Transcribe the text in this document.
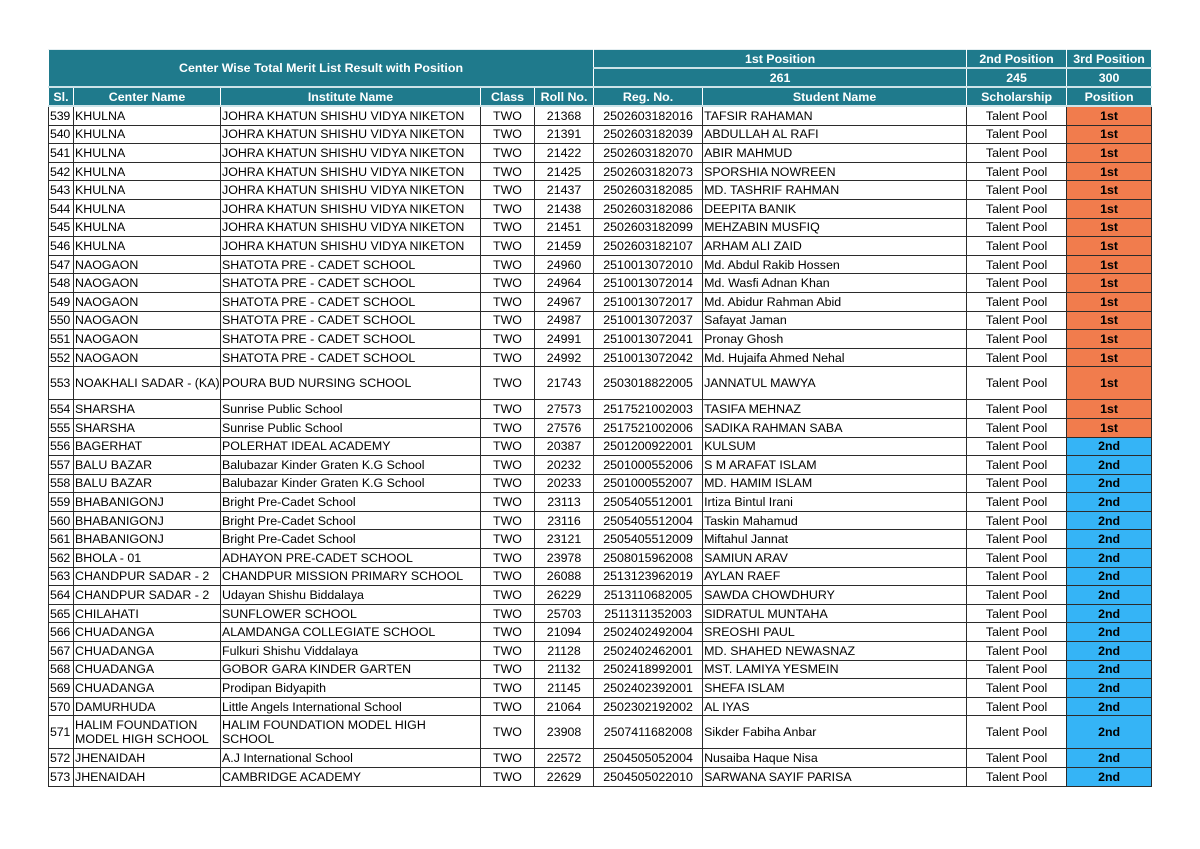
Center Wise Total Merit List Result with Position					1st Position		2nd Position	3rd Position	
					261		245	300	
Sl.	Center Name	Institute Name	Class	Roll No.	Reg. No.	Student Name	Scholarship	Position	
539	KHULNA	JOHRA KHATUN SHISHU VIDYA NIKETON	TWO	21368	2502603182016	TAFSIR RAHAMAN	Talent Pool	1st	
540	KHULNA	JOHRA KHATUN SHISHU VIDYA NIKETON	TWO	21391	2502603182039	ABDULLAH AL RAFI	Talent Pool	1st	
541	KHULNA	JOHRA KHATUN SHISHU VIDYA NIKETON	TWO	21422	2502603182070	ABIR MAHMUD	Talent Pool	1st	
542	KHULNA	JOHRA KHATUN SHISHU VIDYA NIKETON	TWO	21425	2502603182073	SPORSHIA NOWREEN	Talent Pool	1st	
543	KHULNA	JOHRA KHATUN SHISHU VIDYA NIKETON	TWO	21437	2502603182085	MD. TASHRIF RAHMAN	Talent Pool	1st	
544	KHULNA	JOHRA KHATUN SHISHU VIDYA NIKETON	TWO	21438	2502603182086	DEEPITA BANIK	Talent Pool	1st	
545	KHULNA	JOHRA KHATUN SHISHU VIDYA NIKETON	TWO	21451	2502603182099	MEHZABIN MUSFIQ	Talent Pool	1st	
546	KHULNA	JOHRA KHATUN SHISHU VIDYA NIKETON	TWO	21459	2502603182107	ARHAM ALI ZAID	Talent Pool	1st	
547	NAOGAON	SHATOTA PRE - CADET SCHOOL	TWO	24960	2510013072010	Md. Abdul Rakib Hossen	Talent Pool	1st	
548	NAOGAON	SHATOTA PRE - CADET SCHOOL	TWO	24964	2510013072014	Md. Wasfi Adnan Khan	Talent Pool	1st	
549	NAOGAON	SHATOTA PRE - CADET SCHOOL	TWO	24967	2510013072017	Md. Abidur Rahman Abid	Talent Pool	1st	
550	NAOGAON	SHATOTA PRE - CADET SCHOOL	TWO	24987	2510013072037	Safayat Jaman	Talent Pool	1st	
551	NAOGAON	SHATOTA PRE - CADET SCHOOL	TWO	24991	2510013072041	Pronay Ghosh	Talent Pool	1st	
552	NAOGAON	SHATOTA PRE - CADET SCHOOL	TWO	24992	2510013072042	Md. Hujaifa Ahmed Nehal	Talent Pool	1st	
553	NOAKHALI SADAR - (KA)	POURA BUD NURSING SCHOOL	TWO	21743	2503018822005	JANNATUL MAWYA	Talent Pool	1st	
554	SHARSHA	Sunrise Public School	TWO	27573	2517521002003	TASIFA MEHNAZ	Talent Pool	1st	
555	SHARSHA	Sunrise Public School	TWO	27576	2517521002006	SADIKA RAHMAN SABA	Talent Pool	1st	
556	BAGERHAT	POLERHAT IDEAL ACADEMY	TWO	20387	2501200922001	KULSUM	Talent Pool	2nd	
557	BALU BAZAR	Balubazar Kinder Graten K.G School	TWO	20232	2501000552006	S M ARAFAT ISLAM	Talent Pool	2nd	
558	BALU BAZAR	Balubazar Kinder Graten K.G School	TWO	20233	2501000552007	MD. HAMIM ISLAM	Talent Pool	2nd	
559	BHABANIGONJ	Bright Pre-Cadet School	TWO	23113	2505405512001	Irtiza Bintul Irani	Talent Pool	2nd	
560	BHABANIGONJ	Bright Pre-Cadet School	TWO	23116	2505405512004	Taskin Mahamud	Talent Pool	2nd	
561	BHABANIGONJ	Bright Pre-Cadet School	TWO	23121	2505405512009	Miftahul Jannat	Talent Pool	2nd	
562	BHOLA - 01	ADHAYON PRE-CADET SCHOOL	TWO	23978	2508015962008	SAMIUN ARAV	Talent Pool	2nd	
563	CHANDPUR SADAR - 2	CHANDPUR MISSION PRIMARY SCHOOL	TWO	26088	2513123962019	AYLAN RAEF	Talent Pool	2nd	
564	CHANDPUR SADAR - 2	Udayan Shishu Biddalaya	TWO	26229	2513110682005	SAWDA CHOWDHURY	Talent Pool	2nd	
565	CHILAHATI	SUNFLOWER SCHOOL	TWO	25703	2511311352003	SIDRATUL MUNTAHA	Talent Pool	2nd	
566	CHUADANGA	ALAMDANGA COLLEGIATE SCHOOL	TWO	21094	2502402492004	SREOSHI PAUL	Talent Pool	2nd	
567	CHUADANGA	Fulkuri Shishu Viddalaya	TWO	21128	2502402462001	MD. SHAHED NEWASNAZ	Talent Pool	2nd	
568	CHUADANGA	GOBOR GARA KINDER GARTEN	TWO	21132	2502418992001	MST. LAMIYA YESMEIN	Talent Pool	2nd	
569	CHUADANGA	Prodipan Bidyapith	TWO	21145	2502402392001	SHEFA ISLAM	Talent Pool	2nd	
570	DAMURHUDA	Little Angels International School	TWO	21064	2502302192002	AL IYAS	Talent Pool	2nd	
571	HALIM FOUNDATION MODEL HIGH SCHOOL	HALIM FOUNDATION MODEL HIGH SCHOOL	TWO	23908	2507411682008	Sikder Fabiha Anbar	Talent Pool	2nd	
572	JHENAIDAH	A.J International School	TWO	22572	2504505052004	Nusaiba Haque Nisa	Talent Pool	2nd	
573	JHENAIDAH	CAMBRIDGE ACADEMY	TWO	22629	2504505022010	SARWANA SAYIF PARISA	Talent Pool	2nd	
